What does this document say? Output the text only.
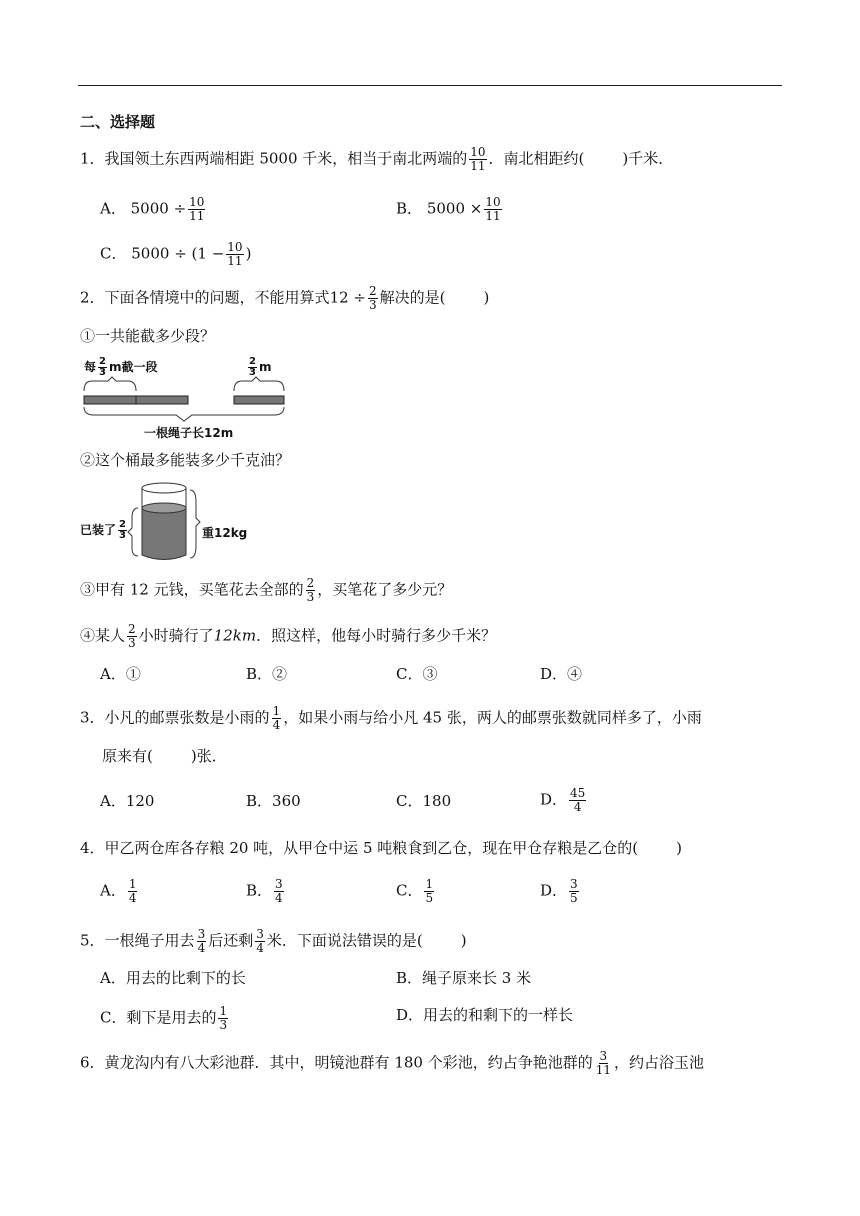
二、选择题
1．我国领土东西两端相距 5000 千米，相当于南北两端的 $\frac{10}{11}$ ．南北相距约(	)千米．
A． $5000 \div \frac{10}{11}$	B． $5000 \times \frac{10}{11}$
C． $5000 \div (1 - \frac{10}{11}$ )
2．下面各情境中的问题，不能用算式$12 \div \frac{2}{3}$ 解决的是(	)
①一共能截多少段？
每 $\frac{2}{3}$ m截一段	$\frac{2}{3}$ m
一根绳子长12m
②这个桶最多能装多少千克油？
已装了 $\frac{2}{3}$	重12kg
③甲有 12 元钱，买笔花去全部的 $\frac{2}{3}$ ，买笔花了多少元？
④某人 $\frac{2}{3}$ 小时骑行了12km．照这样，他每小时骑行多少千米？
A．①	B．②	C．③	D．④
3．小凡的邮票张数是小雨的 $\frac{1}{4}$ ，如果小雨与给小凡 45 张，两人的邮票张数就同样多了，小雨
原来有(	)张．
A．120	B．360	C．180	D． $\frac{45}{4}$
4．甲乙两仓库各存粮 20 吨，从甲仓中运 5 吨粮食到乙仓，现在甲仓存粮是乙仓的(	)
A． $\frac{1}{4}$	B． $\frac{3}{4}$	C． $\frac{1}{5}$	D． $\frac{3}{5}$
5．一根绳子用去 $\frac{3}{4}$ 后还剩 $\frac{3}{4}$ 米．下面说法错误的是(	)
A．用去的比剩下的长	B．绳子原来长 3 米
C．剩下是用去的 $\frac{1}{3}$	D．用去的和剩下的一样长
6．黄龙沟内有八大彩池群．其中，明镜池群有 180 个彩池，约占争艳池群的 $\frac{3}{11}$ ，约占浴玉池
